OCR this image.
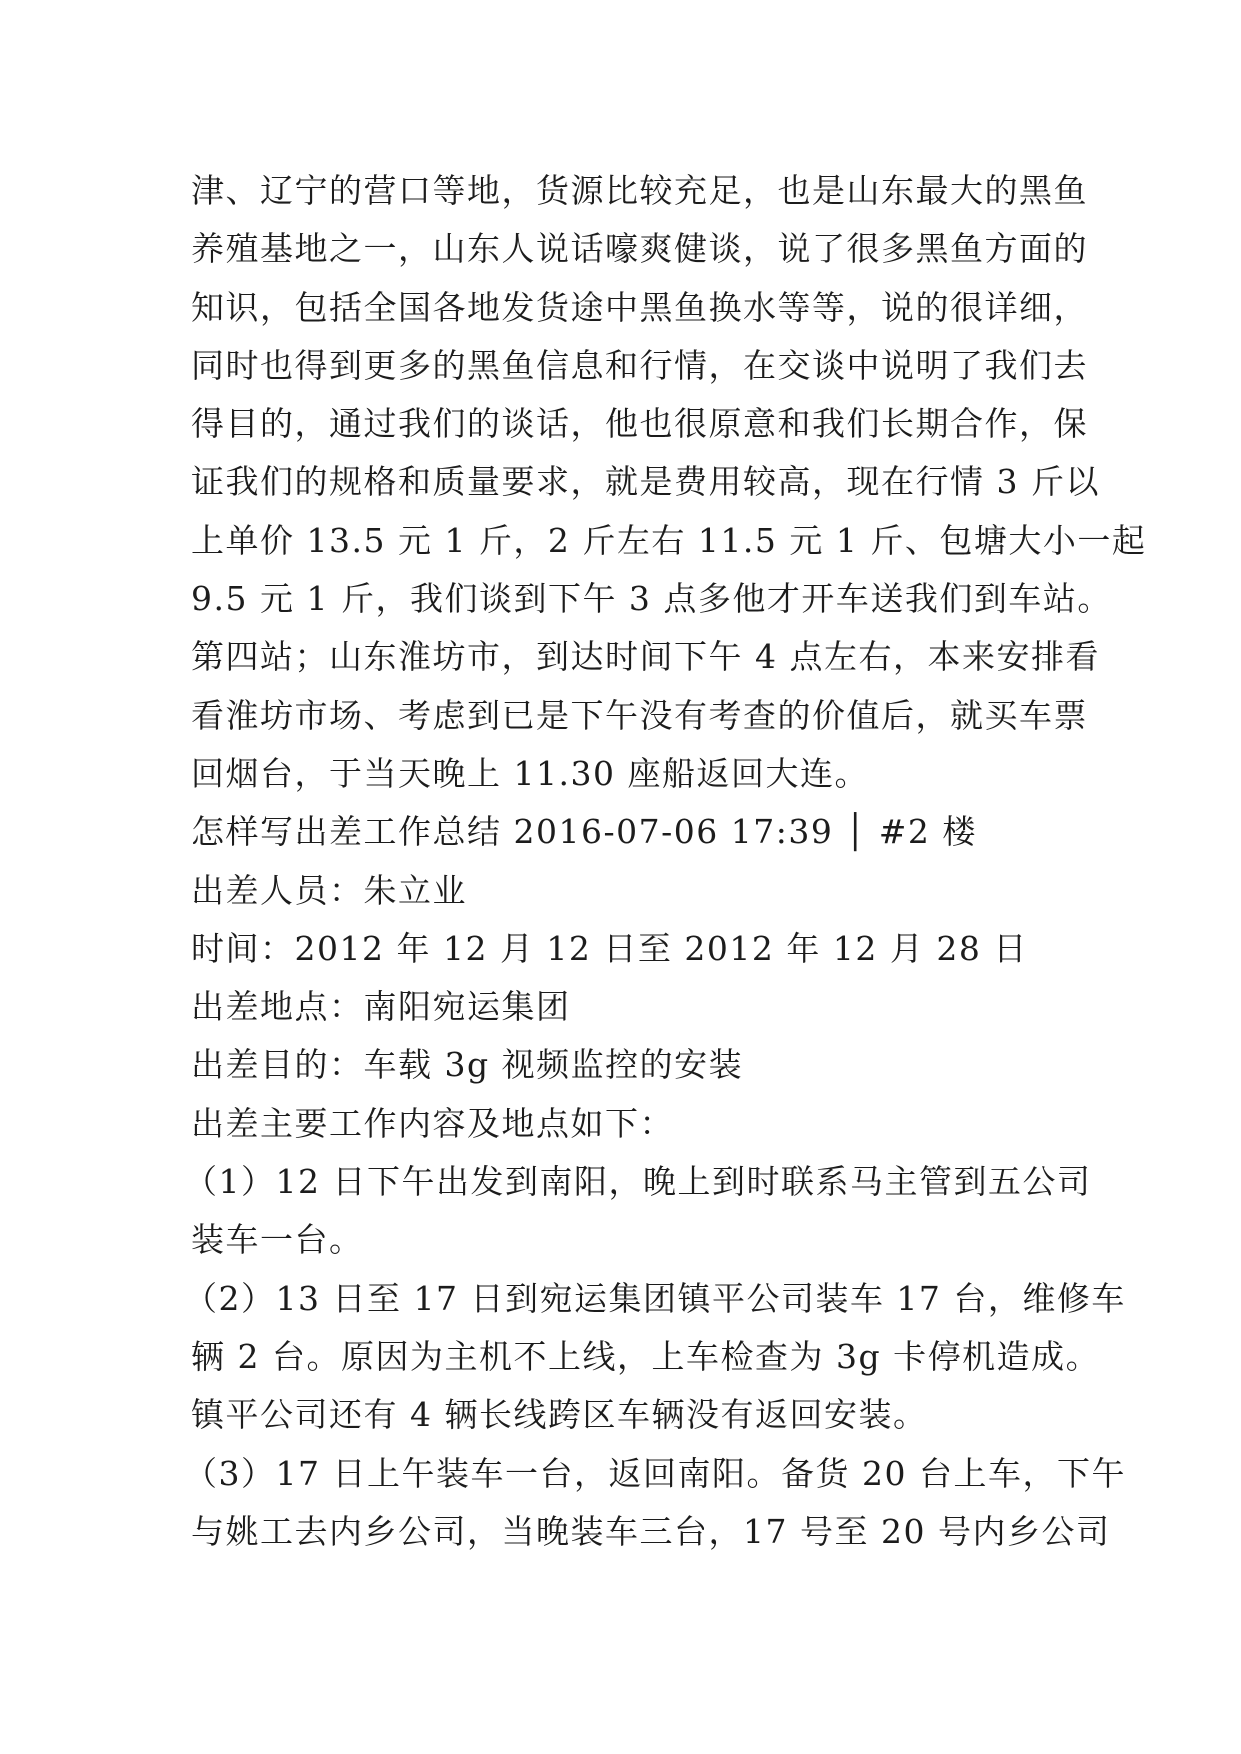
津、辽宁的营口等地，货源比较充足，也是山东最大的黑鱼
养殖基地之一，山东人说话嚎爽健谈，说了很多黑鱼方面的
知识，包括全国各地发货途中黑鱼换水等等，说的很详细，
同时也得到更多的黑鱼信息和行情，在交谈中说明了我们去
得目的，通过我们的谈话，他也很原意和我们长期合作，保
证我们的规格和质量要求，就是费用较高，现在行情 3 斤以
上单价 13.5 元 1 斤，2 斤左右 11.5 元 1 斤、包塘大小一起
9.5 元 1 斤，我们谈到下午 3 点多他才开车送我们到车站。
第四站；山东淮坊市，到达时间下午 4 点左右，本来安排看
看淮坊市场、考虑到已是下午没有考查的价值后，就买车票
回烟台，于当天晚上 11.30 座船返回大连。
怎样写出差工作总结 2016-07-06 17:39 │ #2 楼
出差人员：朱立业
时间：2012 年 12 月 12 日至 2012 年 12 月 28 日
出差地点：南阳宛运集团
出差目的：车载 3g 视频监控的安装
出差主要工作内容及地点如下：
（1）12 日下午出发到南阳，晚上到时联系马主管到五公司
装车一台。
（2）13 日至 17 日到宛运集团镇平公司装车 17 台，维修车
辆 2 台。原因为主机不上线，上车检查为 3g 卡停机造成。
镇平公司还有 4 辆长线跨区车辆没有返回安装。
（3）17 日上午装车一台，返回南阳。备货 20 台上车，下午
与姚工去内乡公司，当晚装车三台，17 号至 20 号内乡公司
